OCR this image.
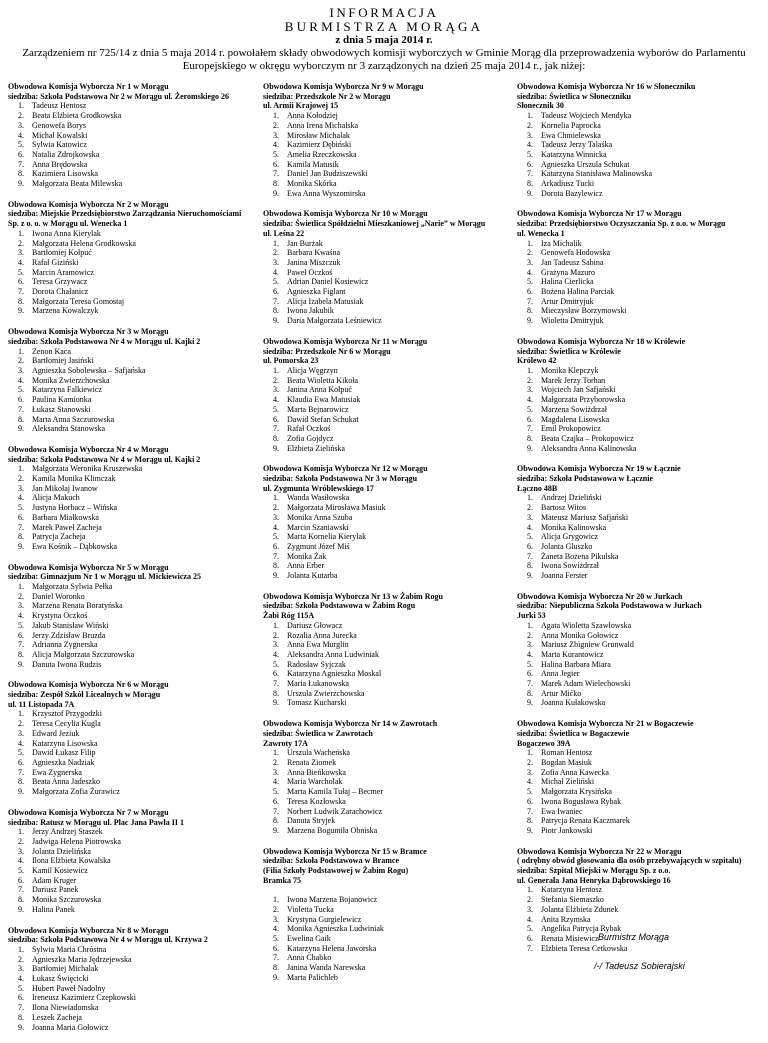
INFORMACJA
BURMISTRZA MORĄGA
z dnia 5 maja 2014 r.
Zarządzeniem nr 725/14 z dnia 5 maja 2014 r. powołałem składy obwodowych komisji wyborczych w Gminie Morąg dla przeprowadzenia wyborów do Parlamentu Europejskiego w okręgu wyborczym nr 3 zarządzonych na dzień 25 maja 2014 r., jak niżej:
Obwodowa Komisja Wyborcza Nr 1 w Morągu
siedziba: Szkoła Podstawowa Nr 2 w Morągu ul. Żeromskiego 26
1.	Tadeusz Hentosz
2.	Beata Elżbieta Grodkowska
3.	Genowefa Borys
4.	Michał Kowalski
5.	Sylwia Katowicz
6.	Natalia Zdrojkowska
7.	Anna Brędowska
8.	Kazimiera Lisowska
9.	Małgorzata Beata Milewska
Obwodowa Komisja Wyborcza Nr 2 w Morągu
siedziba: Miejskie Przedsiębiorstwo Zarządzania Nieruchomościami Sp. z o. o. w Morągu ul. Wenecka 1
1.	Iwona Anna Kierylak
2.	Małgorzata Helena Grodkowska
3.	Bartłomiej Kołpuć
4.	Rafał Giziński
5.	Marcin Aramowicz
6.	Teresa Grzywacz
7.	Dorota Chałanicz
8.	Małgorzata Teresa Gomostaj
9.	Marzena Kowalczyk
Obwodowa Komisja Wyborcza Nr 3 w Morągu
siedziba: Szkoła Podstawowa Nr 4 w Morągu ul. Kajki 2
1.	Zenon Kaca
2.	Bartłomiej Jasiński
3.	Agnieszka Sobolewska – Safjańska
4.	Monika Zwierzchowska
5.	Katarzyna Falkiewicz
6.	Paulina Kamionka
7.	Łukasz Stanowski
8.	Marta Anna Szczurowska
9.	Aleksandra Stanowska
Obwodowa Komisja Wyborcza Nr 4 w Morągu
siedziba: Szkoła Podstawowa Nr 4 w Morągu ul. Kajki 2
1.	Małgorzata Weronika Kruszewska
2.	Kamila Monika Klimczak
3.	Jan Mikołaj Iwanow
4.	Alicja Makuch
5.	Justyna Horbacz – Wińska
6.	Barbara Miałkowska
7.	Marek Paweł Zacheja
8.	Patrycja Zacheja
9.	Ewa Kośnik – Dąbkowska
Obwodowa Komisja Wyborcza Nr 5 w Morągu
siedziba: Gimnazjum Nr 1 w Morągu ul. Mickiewicza 25
1.	Małgorzata Sylwia Pełka
2.	Daniel Woronko
3.	Marzena Renata Boratyńska
4.	Krystyna Oczkoś
5.	Jakub Stanisław Wiński
6.	Jerzy Zdzisław Bruzda
7.	Adrianna Zygnerska
8.	Alicja Małgorzata Szczurowska
9.	Danuta Iwona Rudzis
Obwodowa Komisja Wyborcza Nr 6 w Morągu
siedziba: Zespół Szkół Licealnych w Morągu
ul. 11 Listopada 7A
1.	Krzysztof Przygodzki
2.	Teresa Cecylia Kugla
3.	Edward Jeziuk
4.	Katarzyna Lisowska
5.	Dawid Łukasz Filip
6.	Agnieszka Nadziak
7.	Ewa Zygnerska
8.	Beata Anna Jadeszko
9.	Małgorzata Zofia Żurawicz
Obwodowa Komisja Wyborcza Nr 7 w Morągu
siedziba: Ratusz w Morągu ul. Plac Jana Pawła II 1
1.	Jerzy Andrzej Staszek
2.	Jadwiga Helena Piotrowska
3.	Jolanta Dzielińska
4.	Ilona Elżbieta Kowalska
5.	Kamil Kosiewicz
6.	Adam Kruger
7.	Dariusz Panek
8.	Monika Szczurowska
9.	Halina Panek
Obwodowa Komisja Wyborcza Nr 8 w Morągu
siedziba: Szkoła Podstawowa Nr 4 w Morągu ul. Krzywa 2
1.	Sylwia Maria Chróstna
2.	Agnieszka Maria Jędrzejewska
3.	Bartłomiej Michalak
4.	Łukasz Święcicki
5.	Hubert Paweł Nadolny
6.	Ireneusz Kazimierz Czepkowski
7.	Ilona Niewiadomska
8.	Leszek Zacheja
9.	Joanna Maria Gołowicz
Obwodowa Komisja Wyborcza Nr 9 w Morągu
siedziba: Przedszkole Nr 2 w Morągu
ul. Armii Krajowej 15
1.	Anna Kołodziej
2.	Anna Irena Michalska
3.	Mirosław Michalak
4.	Kazimierz Dębiński
5.	Amelia Rzeczkowska
6.	Kamila Matusik
7.	Daniel Jan Budziszewski
8.	Monika Skórka
9.	Ewa Anna Wyszomirska
Obwodowa Komisja Wyborcza Nr 10 w Morągu
siedziba: Świetlica Spółdzielni Mieszkaniowej „Narie” w Morągu
ul. Leśna 22
1.	Jan Burżak
2.	Barbara Kwaśna
3.	Janina Miszczuk
4.	Paweł Oczkoś
5.	Adrian Daniel Kosiewicz
6.	Agnieszka Figlant
7.	Alicja Izabela Matusiak
8.	Iwona Jakubik
9.	Daria Małgorzata Leśniewicz
Obwodowa Komisja Wyborcza Nr 11 w Morągu
siedziba: Przedszkole Nr 6 w Morągu
ul. Pomorska 23
1.	Alicja Węgrzyn
2.	Beata Wioletta Kikoła
3.	Janina Anna Kołpuć
4.	Klaudia Ewa Matusiak
5.	Marta Bejnarowicz
6.	Dawid Stefan Schukat
7.	Rafał Oczkoś
8.	Zofia Gojdycz
9.	Elżbieta Zielińska
Obwodowa Komisja Wyborcza Nr 12 w Morągu
siedziba: Szkoła Podstawowa Nr 3 w Morągu
ul. Zygmunta Wróblewskiego 17
1.	Wanda Wasiłowska
2.	Małgorzata Mirosława Masiuk
3.	Monika Anna Szuba
4.	Marcin Szaniawski
5.	Marta Kornelia Kierylak
6.	Zygmunt Józef Miś
7.	Monika Żak
8.	Anna Erber
9.	Jolanta Kutarba
Obwodowa Komisja Wyborcza Nr 13 w Żabim Rogu
siedziba: Szkoła Podstawowa w Żabim Rogu
Żabi Róg 115A
1.	Dariusz Głowacz
2.	Rozalia Anna Jurecka
3.	Anna Ewa Murglin
4.	Aleksandra Anna Ludwiniak
5.	Radosław Syjczak
6.	Katarzyna Agnieszka Moskal
7.	Maria Łukanowska
8.	Urszula Zwierzchowska
9.	Tomasz Kucharski
Obwodowa Komisja Wyborcza Nr 14 w Zawrotach
siedziba: Świetlica w Zawrotach
Zawroty 17A
1.	Urszula Wacheńska
2.	Renata Ziomek
3.	Anna Bieńkowska
4.	Maria Warcholak
5.	Marta Kamila Tułaj – Becmer
6.	Teresa Kozłowska
7.	Norbert Ludwik Zarachowicz
8.	Danuta Stryjek
9.	Marzena Bogumiła Obniska
Obwodowa Komisja Wyborcza Nr 15 w Bramce
siedziba: Szkoła Podstawowa w Bramce
(Filia Szkoły Podstawowej w Żabim Rogu)
Bramka 75
1.	Iwona Marzena Bojanowicz
2.	Violetta Tucka
3.	Krystyna Gurgielewicz
4.	Monika Agnieszka Ludwiniak
5.	Ewelina Gaik
6.	Katarzyna Helena Jaworska
7.	Anna Chabko
8.	Janina Wanda Narewska
9.	Marta Palichleb
Obwodowa Komisja Wyborcza Nr 16 w Słoneczniku
siedziba: Świetlica w Słoneczniku
Słonecznik 30
1.	Tadeusz Wojciech Mendyka
2.	Kornelia Paprocka
3.	Ewa Chmielewska
4.	Tadeusz Jerzy Talaśka
5.	Katarzyna Winnicka
6.	Agnieszka Urszula Schukat
7.	Katarzyna Stanisława Malinowska
8.	Arkadiusz Tucki
9.	Dorota Bazylewicz
Obwodowa Komisja Wyborcza Nr 17 w Morągu
siedziba: Przedsiębiorstwo Oczyszczania Sp. z o.o. w Morągu
ul. Wenecka 1
1.	Iza Michalik
2.	Genowefa Hodowska
3.	Jan Tadeusz Sabina
4.	Grażyna Mazuro
5.	Halina Cierlicka
6.	Bożena Halina Parciak
7.	Artur Dmitryjuk
8.	Mieczysław Borzymowski
9.	Wioletta Dmitryjuk
Obwodowa Komisja Wyborcza Nr 18 w Królewie
siedziba: Świetlica w Królewie
Królewo 42
1.	Monika Klepczyk
2.	Marek Jerzy Torhan
3.	Wojciech Jan Safjański
4.	Małgorzata Przyborowska
5.	Marzena Sowiżdrzał
6.	Magdalena Lisowska
7.	Emil Prokopowicz
8.	Beata Czajka – Prokopowicz
9.	Aleksandra Anna Kalinowska
Obwodowa Komisja Wyborcza Nr 19 w Łącznie
siedziba: Szkoła Podstawowa w Łącznie
Łączno 48B
1.	Andrzej Dzieliński
2.	Bartosz Witos
3.	Mateusz Mariusz Safjański
4.	Monika Kalinowska
5.	Alicja Grygowicz
6.	Jolanta Gluszko
7.	Żaneta Bożena Pikulska
8.	Iwona Sowiżdrzał
9.	Joanna Ferster
Obwodowa Komisja Wyborcza Nr 20 w Jurkach
siedziba: Niepubliczna Szkoła Podstawowa w Jurkach
Jurki 53
1.	Agata Wioletta Szawłowska
2.	Anna Monika Gołowicz
3.	Mariusz Zbigniew Grunwald
4.	Marta Kurantowicz
5.	Halina Barbara Miara
6.	Anna Jegier
7.	Marek Adam Wielechowski
8.	Artur Mićko
9.	Joanna Kułakowska
Obwodowa Komisja Wyborcza Nr 21 w Bogaczewie
siedziba: Świetlica w Bogaczewie
Bogaczewo 39A
1.	Roman Hentosz
2.	Bogdan Masiuk
3.	Zofia Anna Kawecka
4.	Michał Zieliński
5.	Małgorzata Krysińska
6.	Iwona Bogusława Rybak
7.	Ewa Iwaniec
8.	Patrycja Renata Kaczmarek
9.	Piotr Jankowski
Obwodowa Komisja Wyborcza Nr 22 w Morągu
( odrębny obwód głosowania dla osób przebywających w szpitalu)
siedziba: Szpital Miejski w Morągu Sp. z o.o.
ul. Generała Jana Henryka Dąbrowskiego 16
1.	Katarzyna Hentosz
2.	Stefania Siemaszko
3.	Jolanta Elżbieta Zdunek
4.	Anita Rzymska
5.	Angelika Patrycja Rybak
6.	Renata Misiewicz
7.	Elżbieta Teresa Cetkowska
Burmistrz Morąga
/-/ Tadeusz Sobierajski
